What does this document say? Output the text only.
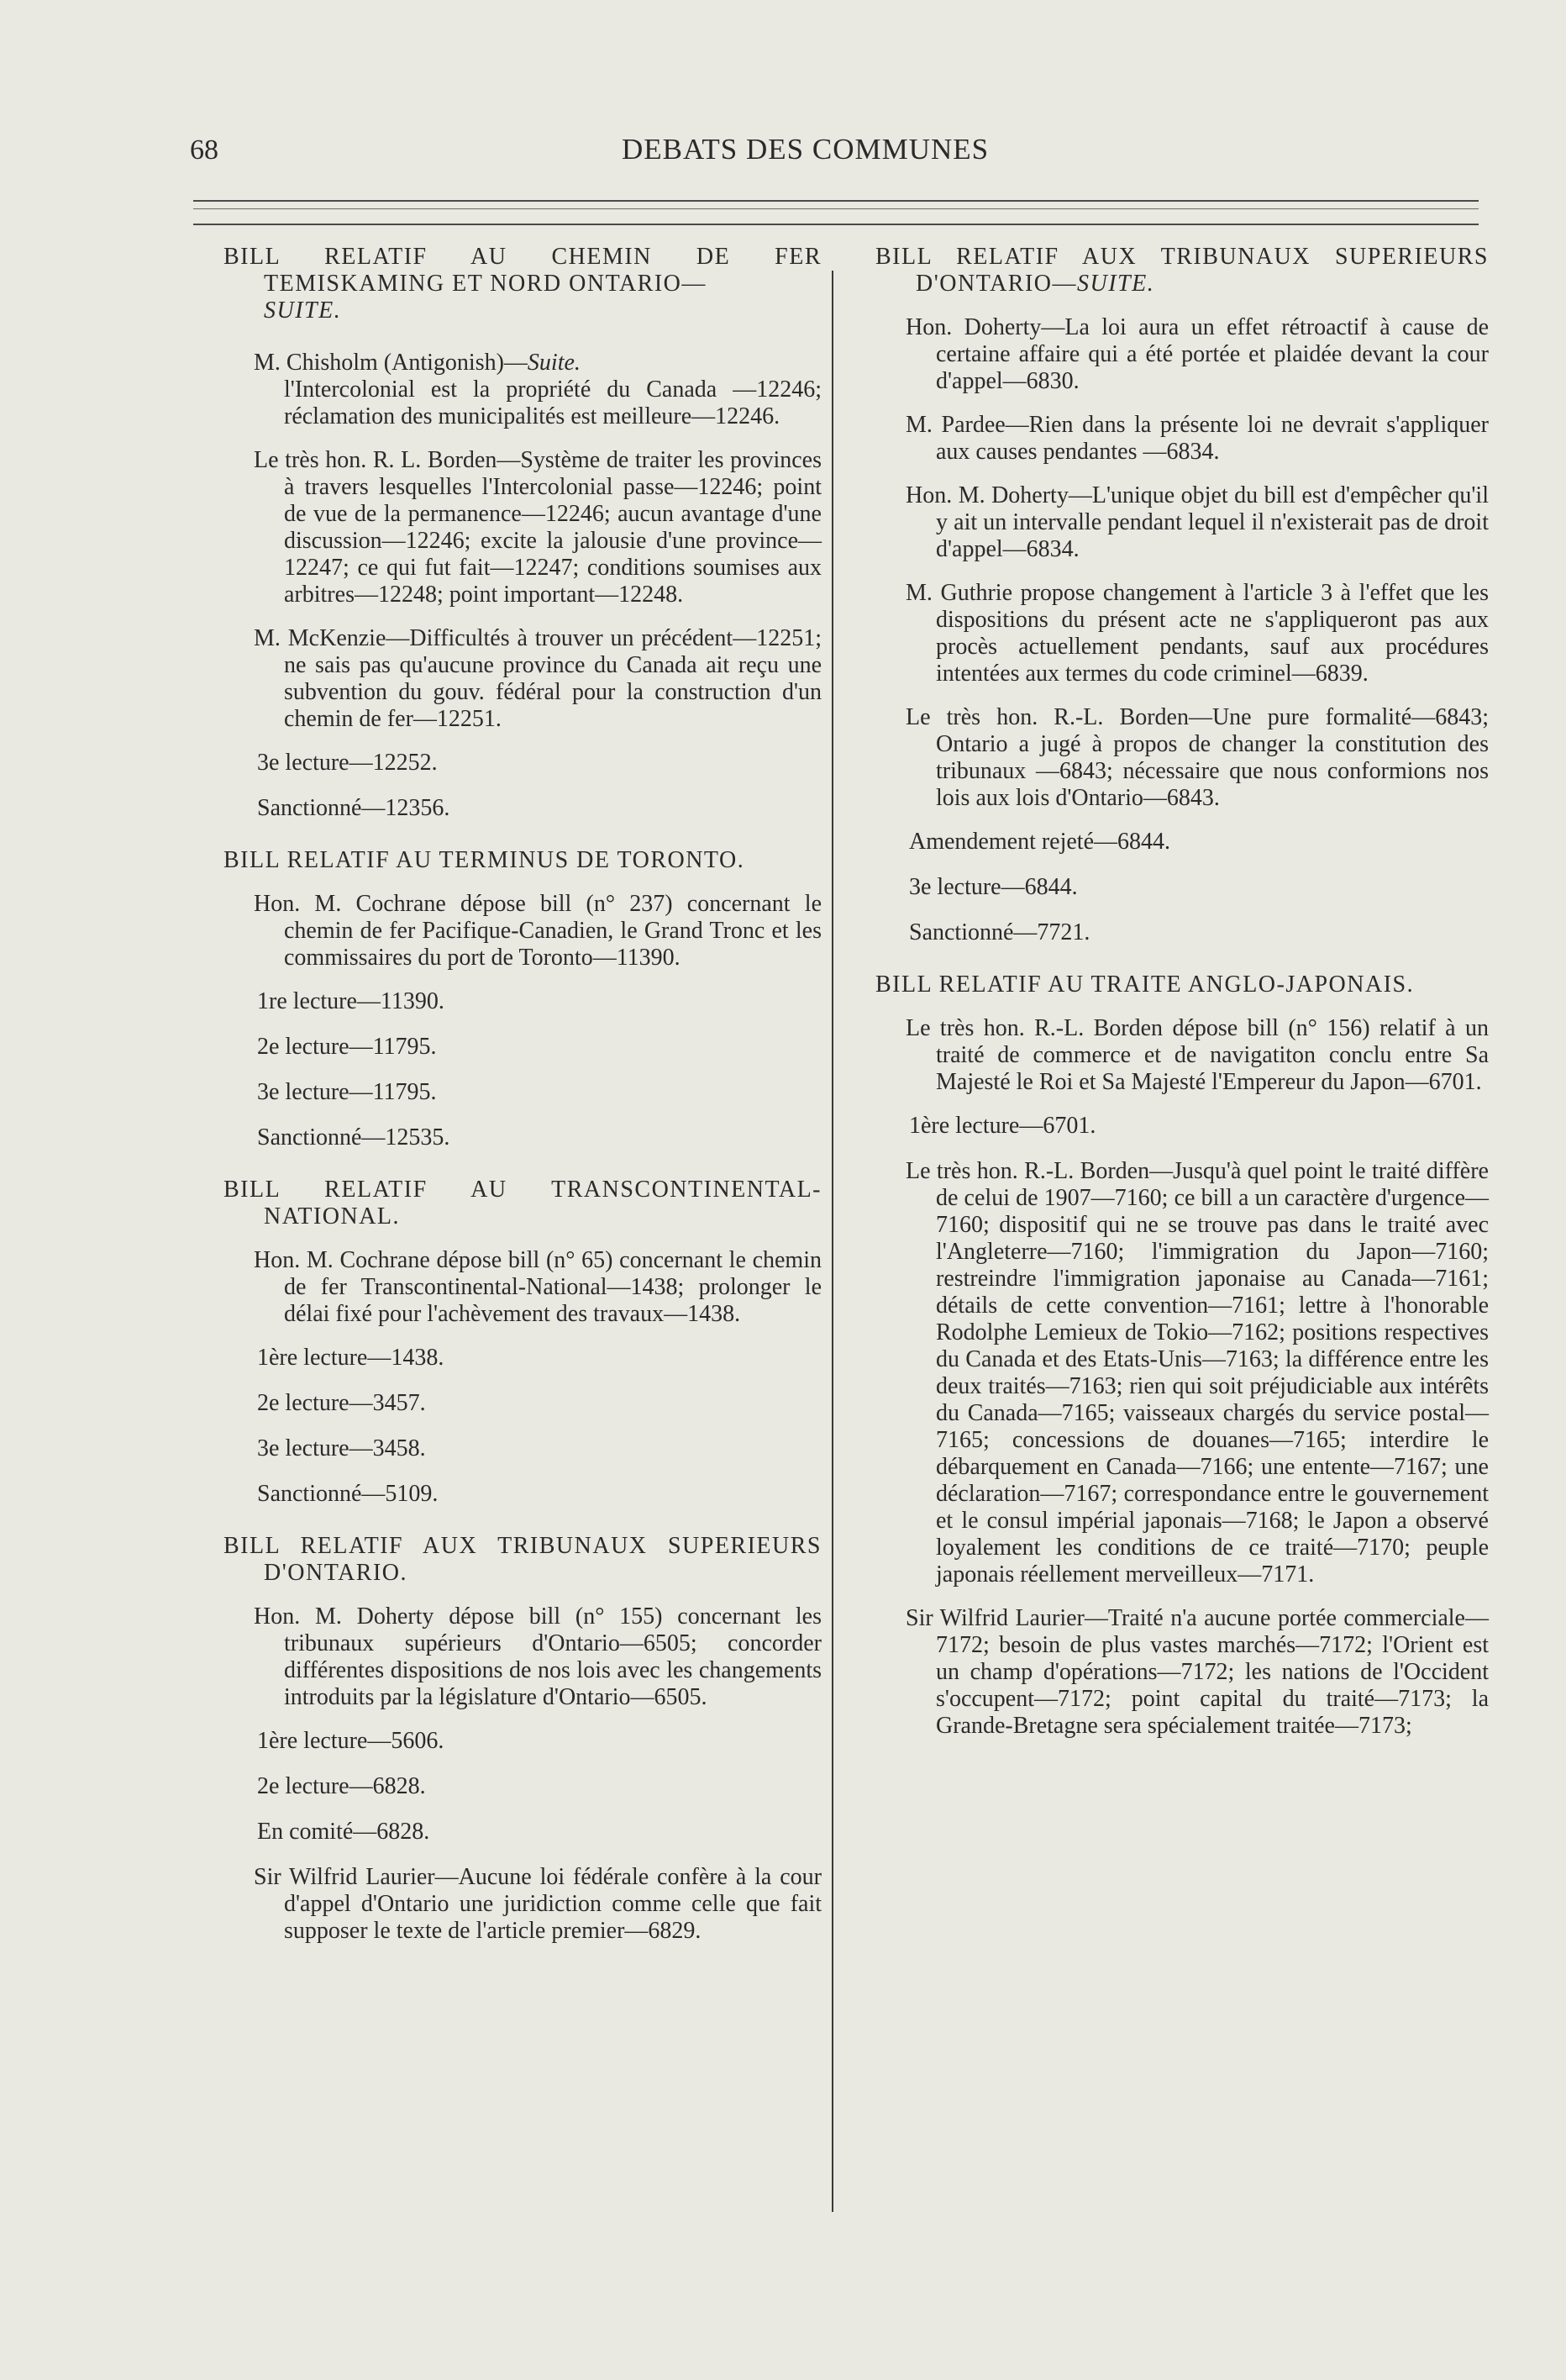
68	DEBATS DES COMMUNES
BILL RELATIF AU CHEMIN DE FER TEMISKAMING ET NORD ONTARIO—
SUITE.
M. Chisholm (Antigonish)—Suite.
l'Intercolonial est la propriété du Canada —12246; réclamation des municipalités est meilleure—12246.
Le très hon. R. L. Borden—Système de traiter les provinces à travers lesquelles l'Intercolonial passe—12246; point de vue de la permanence—12246; aucun avantage d'une discussion—12246; excite la jalousie d'une province—12247; ce qui fut fait—12247; conditions soumises aux arbitres—12248; point important—12248.
M. McKenzie—Difficultés à trouver un précédent—12251; ne sais pas qu'aucune province du Canada ait reçu une subvention du gouv. fédéral pour la construction d'un chemin de fer—12251.
3e lecture—12252.
Sanctionné—12356.
BILL RELATIF AU TERMINUS DE TORONTO.
Hon. M. Cochrane dépose bill (n° 237) concernant le chemin de fer Pacifique-Canadien, le Grand Tronc et les commissaires du port de Toronto—11390.
1re lecture—11390.
2e lecture—11795.
3e lecture—11795.
Sanctionné—12535.
BILL RELATIF AU TRANSCONTINENTAL-NATIONAL.
Hon. M. Cochrane dépose bill (n° 65) concernant le chemin de fer Transcontinental-National—1438; prolonger le délai fixé pour l'achèvement des travaux—1438.
1ère lecture—1438.
2e lecture—3457.
3e lecture—3458.
Sanctionné—5109.
BILL RELATIF AUX TRIBUNAUX SUPERIEURS D'ONTARIO.
Hon. M. Doherty dépose bill (n° 155) concernant les tribunaux supérieurs d'Ontario—6505; concorder différentes dispositions de nos lois avec les changements introduits par la législature d'Ontario—6505.
1ère lecture—5606.
2e lecture—6828.
En comité—6828.
Sir Wilfrid Laurier—Aucune loi fédérale confère à la cour d'appel d'Ontario une juridiction comme celle que fait supposer le texte de l'article premier—6829.
BILL RELATIF AUX TRIBUNAUX SUPERIEURS D'ONTARIO—SUITE.
Hon. Doherty—La loi aura un effet rétroactif à cause de certaine affaire qui a été portée et plaidée devant la cour d'appel—6830.
M. Pardee—Rien dans la présente loi ne devrait s'appliquer aux causes pendantes —6834.
Hon. M. Doherty—L'unique objet du bill est d'empêcher qu'il y ait un intervalle pendant lequel il n'existerait pas de droit d'appel—6834.
M. Guthrie propose changement à l'article 3 à l'effet que les dispositions du présent acte ne s'appliqueront pas aux procès actuellement pendants, sauf aux procédures intentées aux termes du code criminel—6839.
Le très hon. R.-L. Borden—Une pure formalité—6843; Ontario a jugé à propos de changer la constitution des tribunaux —6843; nécessaire que nous conformions nos lois aux lois d'Ontario—6843.
Amendement rejeté—6844.
3e lecture—6844.
Sanctionné—7721.
BILL RELATIF AU TRAITE ANGLO-JAPONAIS.
Le très hon. R.-L. Borden dépose bill (n° 156) relatif à un traité de commerce et de navigatiton conclu entre Sa Majesté le Roi et Sa Majesté l'Empereur du Japon—6701.
1ère lecture—6701.
Le très hon. R.-L. Borden—Jusqu'à quel point le traité diffère de celui de 1907—7160; ce bill a un caractère d'urgence—7160; dispositif qui ne se trouve pas dans le traité avec l'Angleterre—7160; l'immigration du Japon—7160; restreindre l'immigration japonaise au Canada—7161; détails de cette convention—7161; lettre à l'honorable Rodolphe Lemieux de Tokio—7162; positions respectives du Canada et des Etats-Unis—7163; la différence entre les deux traités—7163; rien qui soit préjudiciable aux intérêts du Canada—7165; vaisseaux chargés du service postal—7165; concessions de douanes—7165; interdire le débarquement en Canada—7166; une entente—7167; une déclaration—7167; correspondance entre le gouvernement et le consul impérial japonais—7168; le Japon a observé loyalement les conditions de ce traité—7170; peuple japonais réellement merveilleux—7171.
Sir Wilfrid Laurier—Traité n'a aucune portée commerciale—7172; besoin de plus vastes marchés—7172; l'Orient est un champ d'opérations—7172; les nations de l'Occident s'occupent—7172; point capital du traité—7173; la Grande-Bretagne sera spécialement traitée—7173;
